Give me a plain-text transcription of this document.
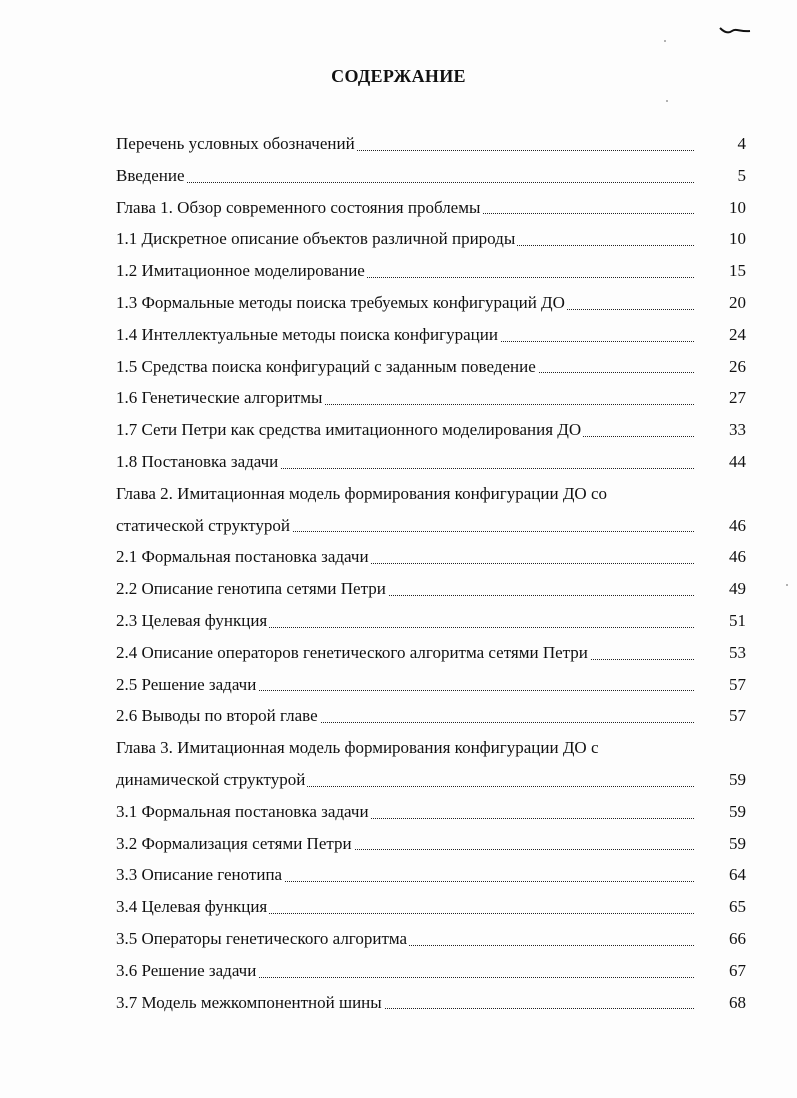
СОДЕРЖАНИЕ
Перечень условных обозначений	4
Введение	5
Глава 1. Обзор современного состояния проблемы	10
1.1 Дискретное описание объектов различной природы	10
1.2 Имитационное моделирование	15
1.3 Формальные методы поиска требуемых конфигураций ДО	20
1.4 Интеллектуальные методы поиска конфигурации	24
1.5 Средства поиска конфигураций с заданным поведение	26
1.6 Генетические алгоритмы	27
1.7 Сети Петри как средства имитационного моделирования ДО	33
1.8 Постановка задачи	44
Глава 2. Имитационная модель формирования конфигурации ДО со
статической структурой	46
2.1 Формальная постановка задачи	46
2.2 Описание генотипа сетями Петри	49
2.3 Целевая функция	51
2.4 Описание операторов генетического алгоритма сетями Петри	53
2.5 Решение задачи	57
2.6 Выводы по второй главе	57
Глава 3. Имитационная модель формирования конфигурации ДО с
динамической структурой	59
3.1 Формальная постановка задачи	59
3.2 Формализация сетями Петри	59
3.3 Описание генотипа	64
3.4 Целевая функция	65
3.5 Операторы генетического алгоритма	66
3.6 Решение задачи	67
3.7 Модель межкомпонентной шины	68
